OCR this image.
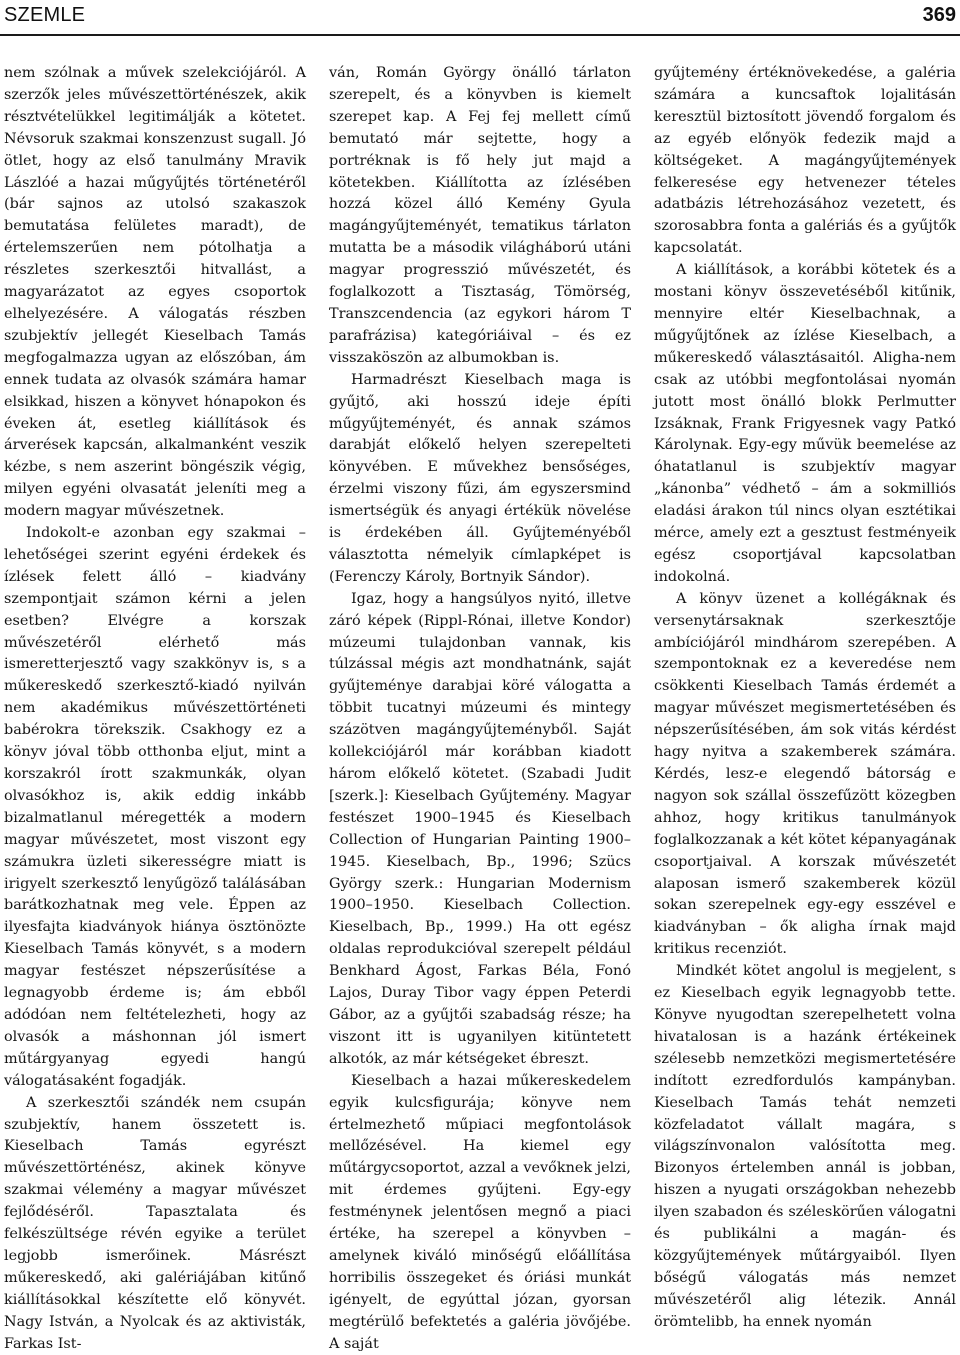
SZEMLE	369

nem szólnak a művek szelekciójáról. A szerzők jeles művészettörténészek, akik résztvételükkel legitimálják a kötetet. Névsoruk szakmai konszenzust sugall. Jó ötlet, hogy az első tanulmány Mravik Lászlóé a hazai műgyűjtés történetéről (bár sajnos az utolsó szakaszok bemutatása felületes maradt), de értelemszerűen nem pótolhatja a részletes szerkesztői hitvallást, a magyarázatot az egyes csoportok elhelyezésére. A válogatás részben szubjektív jellegét Kieselbach Tamás megfogalmazza ugyan az előszóban, ám ennek tudata az olvasók számára hamar elsikkad, hiszen a könyvet hónapokon és éveken át, esetleg kiállítások és árverések kapcsán, alkalmanként veszik kézbe, s nem aszerint böngészik végig, milyen egyéni olvasatát jeleníti meg a modern magyar művészetnek.

Indokolt-e azonban egy szakmai – lehetőségei szerint egyéni érdekek és ízlések felett álló – kiadvány szempontjait számon kérni a jelen esetben? Elvégre a korszak művészetéről elérhető más ismeretterjesztő vagy szakkönyv is, s a műkereskedő szerkesztő-kiadó nyilván nem akadémikus művészettörténeti babérokra törekszik. Csakhogy ez a könyv jóval több otthonba eljut, mint a korszakról írott szakmunkák, olyan olvasókhoz is, akik eddig inkább bizalmatlanul méregették a modern magyar művészetet, most viszont egy számukra üzleti sikerességre miatt is irigyelt szerkesztő lenyűgöző találásában barátkozhatnak meg vele. Éppen az ilyesfajta kiadványok hiánya ösztönözte Kieselbach Tamás könyvét, s a modern magyar festészet népszerűsítése a legnagyobb érdeme is; ám ebből adódóan nem feltételezheti, hogy az olvasók a máshonnan jól ismert műtárgyanyag egyedi hangú válogatásaként fogadják.

A szerkesztői szándék nem csupán szubjektív, hanem összetett is. Kieselbach Tamás egyrészt művészettörténész, akinek könyve szakmai vélemény a magyar művészet fejlődéséről. Tapasztalata és felkészültsége révén egyike a terület legjobb ismerőinek. Másrészt műkereskedő, aki galériájában kitűnő kiállításokkal készítette elő könyvét. Nagy István, a Nyolcak és az aktivisták, Farkas Ist-

ván, Román György önálló tárlaton szerepelt, és a könyvben is kiemelt szerepet kap. A Fej fej mellett című bemutató már sejtette, hogy a portréknak is fő hely jut majd a kötetekben. Kiállította az ízlésében hozzá közel álló Kemény Gyula magángyűjteményét, tematikus tárlaton mutatta be a második világháború utáni magyar progresszió művészetét, és foglalkozott a Tisztaság, Tömörség, Transzcendencia (az egykori három T parafrázisa) kategóriáival – és ez visszaköszön az albumokban is.

Harmadrészt Kieselbach maga is gyűjtő, aki hosszú ideje építi műgyűjteményét, és annak számos darabját előkelő helyen szerepelteti könyvében. E művekhez bensőséges, érzelmi viszony fűzi, ám egyszersmind ismertségük és anyagi értékük növelése is érdekében áll. Gyűjteményéből választotta némelyik címlapképet is (Ferenczy Károly, Bortnyik Sándor).

Igaz, hogy a hangsúlyos nyitó, illetve záró képek (Rippl-Rónai, illetve Kondor) múzeumi tulajdonban vannak, kis túlzással mégis azt mondhatnánk, saját gyűjteménye darabjai köré válogatta a többit tucatnyi múzeumi és mintegy százötven magángyűjteményből. Saját kollekciójáról már korábban kiadott három előkelő kötetet. (Szabadi Judit [szerk.]: Kieselbach Gyűjtemény. Magyar festészet 1900–1945 és Kieselbach Collection of Hungarian Painting 1900–1945. Kieselbach, Bp., 1996; Szücs György szerk.: Hungarian Modernism 1900–1950. Kieselbach Collection. Kieselbach, Bp., 1999.) Ha ott egész oldalas reprodukcióval szerepelt például Benkhard Ágost, Farkas Béla, Fonó Lajos, Duray Tibor vagy éppen Peterdi Gábor, az a gyűjtői szabadság része; ha viszont itt is ugyanilyen kitüntetett alkotók, az már kétségeket ébreszt.

Kieselbach a hazai műkereskedelem egyik kulcsfigurája; könyve nem értelmezhető műpiaci megfontolások mellőzésével. Ha kiemel egy műtárgycsoportot, azzal a vevőknek jelzi, mit érdemes gyűjteni. Egy-egy festménynek jelentősen megnő a piaci értéke, ha szerepel a könyvben – amelynek kiváló minőségű előállítása horribilis összegeket és óriási munkát igényelt, de egyúttal józan, gyorsan megtérülő befektetés a galéria jövőjébe. A saját

gyűjtemény értéknövekedése, a galéria számára a kuncsaftok lojalitásán keresztül biztosított jövendő forgalom és az egyéb előnyök fedezik majd a költségeket. A magángyűjtemények felkeresése egy hetvenezer tételes adatbázis létrehozásához vezetett, és szorosabbra fonta a galériás és a gyűjtők kapcsolatát.

A kiállítások, a korábbi kötetek és a mostani könyv összevetéséből kitűnik, mennyire eltér Kieselbachnak, a műgyűjtőnek az ízlése Kieselbach, a műkereskedő választásaitól. Aligha-nem csak az utóbbi megfontolásai nyomán jutott most önálló blokk Perlmutter Izsáknak, Frank Frigyesnek vagy Patkó Károlynak. Egy-egy művük beemelése az óhatatlanul is szubjektív magyar „kánonba” védhető – ám a sokmilliós eladási árakon túl nincs olyan esztétikai mérce, amely ezt a gesztust festményeik egész csoportjával kapcsolatban indokolná.

A könyv üzenet a kollégáknak és versenytársaknak szerkesztője ambíciójáról mindhárom szerepében. A szempontoknak ez a keveredése nem csökkenti Kieselbach Tamás érdemét a magyar művészet megismertetésében és népszerűsítésében, ám sok vitás kérdést hagy nyitva a szakemberek számára. Kérdés, lesz-e elegendő bátorság e nagyon sok szállal összefűzött közegben ahhoz, hogy kritikus tanulmányok foglalkozzanak a két kötet képanyagának csoportjaival. A korszak művészetét alaposan ismerő szakemberek közül sokan szerepelnek egy-egy esszével e kiadványban – ők aligha írnak majd kritikus recenziót.

Mindkét kötet angolul is megjelent, s ez Kieselbach egyik legnagyobb tette. Könyve nyugodtan szerepelhetett volna hivatalosan is a hazánk értékeinek szélesebb nemzetközi megismertetésére indított ezredfordulós kampányban. Kieselbach Tamás tehát nemzeti közfeladatot vállalt magára, s világszínvonalon valósította meg. Bizonyos értelemben annál is jobban, hiszen a nyugati országokban nehezebb ilyen szabadon és széleskörűen válogatni és publikálni a magán- és közgyűjtemények műtárgyaiból. Ilyen bőségű válogatás más nemzet művészetéről alig létezik. Annál örömtelibb, ha ennek nyomán
